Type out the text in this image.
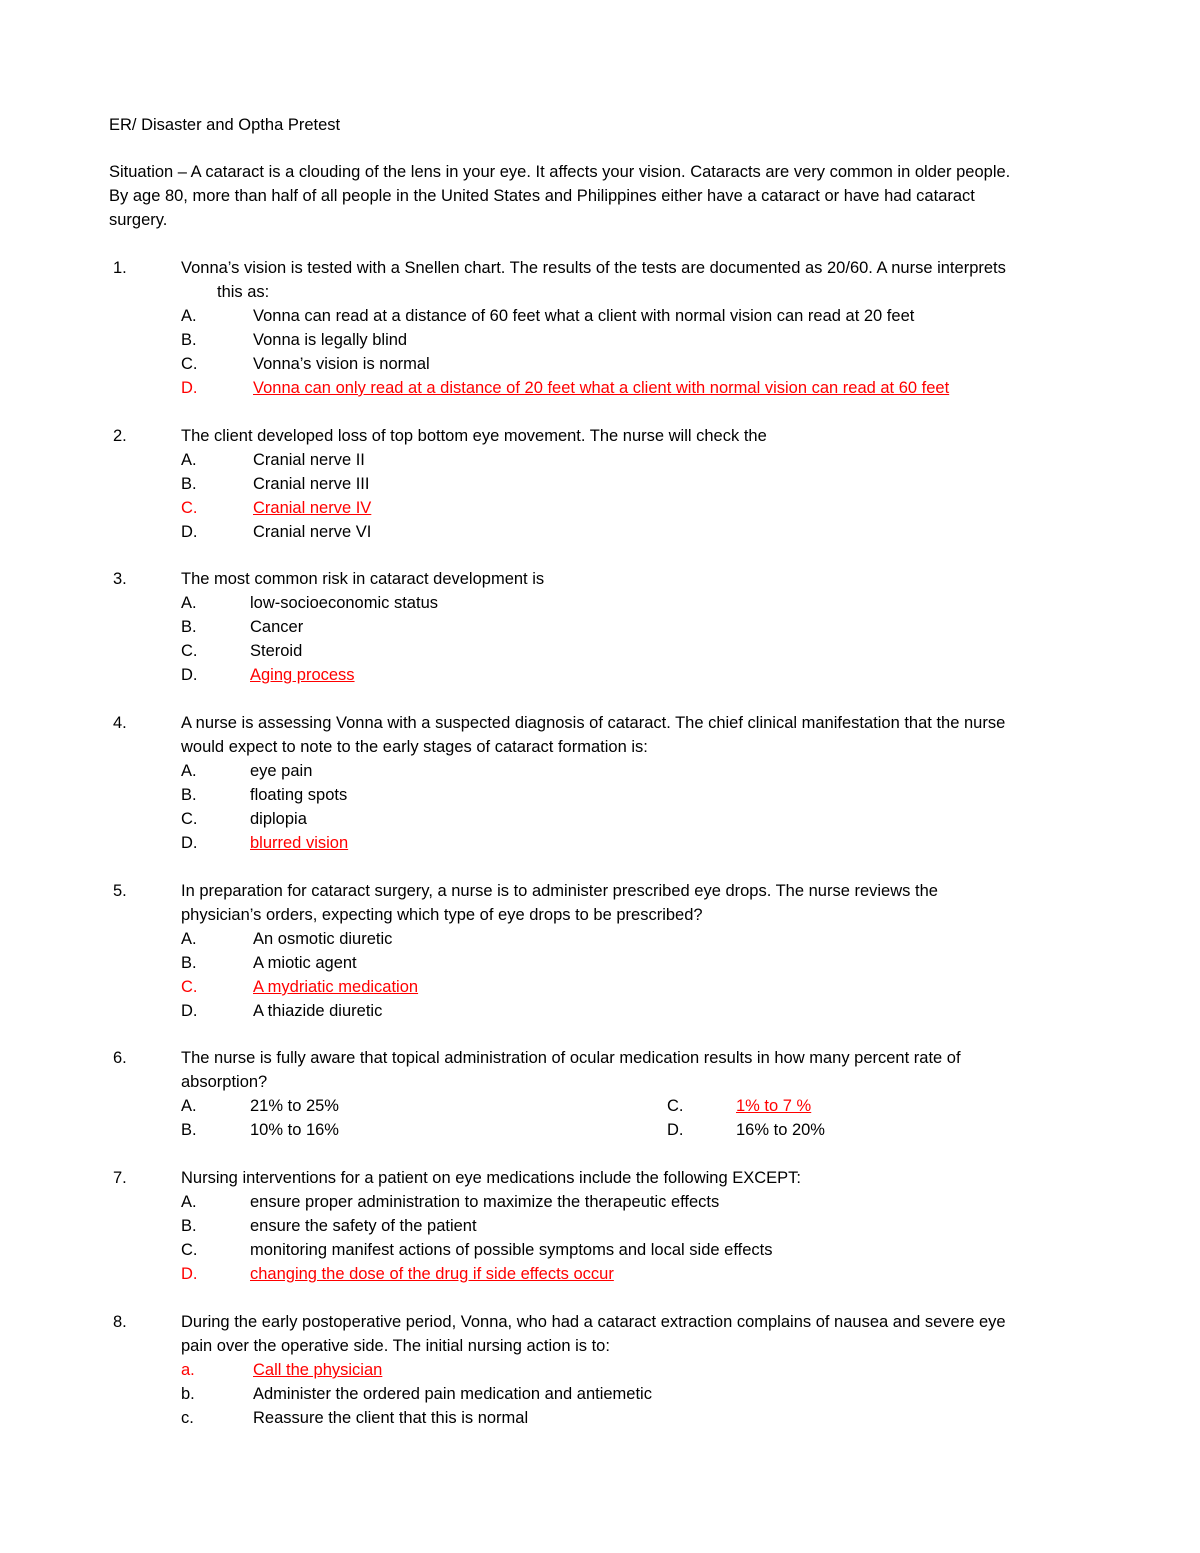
ER/ Disaster and Optha Pretest
Situation – A cataract is a clouding of the lens in your eye. It affects your vision. Cataracts are very common in older people.
By age 80, more than half of all people in the United States and Philippines either have a cataract or have had cataract
surgery.
1.	Vonna’s vision is tested with a Snellen chart. The results of the tests are documented as 20/60. A nurse interprets
this as:
A.	Vonna can read at a distance of 60 feet what a client with normal vision can read at 20 feet
B.	Vonna is legally blind
C.	Vonna’s vision is normal
D.	Vonna can only read at a distance of 20 feet what a client with normal vision can read at 60 feet
2.	The client developed loss of top bottom eye movement. The nurse will check the
A.	Cranial nerve II
B.	Cranial nerve III
C.	Cranial nerve IV
D.	Cranial nerve VI
3.	The most common risk in cataract development is
A.	low-socioeconomic status
B.	Cancer
C.	Steroid
D.	Aging process
4.	A nurse is assessing Vonna with a suspected diagnosis of cataract. The chief clinical manifestation that the nurse
would expect to note to the early stages of cataract formation is:
A.	eye pain
B.	floating spots
C.	diplopia
D.	blurred vision
5.	In preparation for cataract surgery, a nurse is to administer prescribed eye drops. The nurse reviews the
physician’s orders, expecting which type of eye drops to be prescribed?
A.	An osmotic diuretic
B.	A miotic agent
C.	A mydriatic medication
D.	A thiazide diuretic
6.	The nurse is fully aware that topical administration of ocular medication results in how many percent rate of
absorption?
A.	21% to 25%	C.	1% to 7 %
B.	10% to 16%	D.	16% to 20%
7.	Nursing interventions for a patient on eye medications include the following EXCEPT:
A.	ensure proper administration to maximize the therapeutic effects
B.	ensure the safety of the patient
C.	monitoring manifest actions of possible symptoms and local side effects
D.	changing the dose of the drug if side effects occur
8.	During the early postoperative period, Vonna, who had a cataract extraction complains of nausea and severe eye
pain over the operative side. The initial nursing action is to:
a.	Call the physician
b.	Administer the ordered pain medication and antiemetic
c.	Reassure the client that this is normal
